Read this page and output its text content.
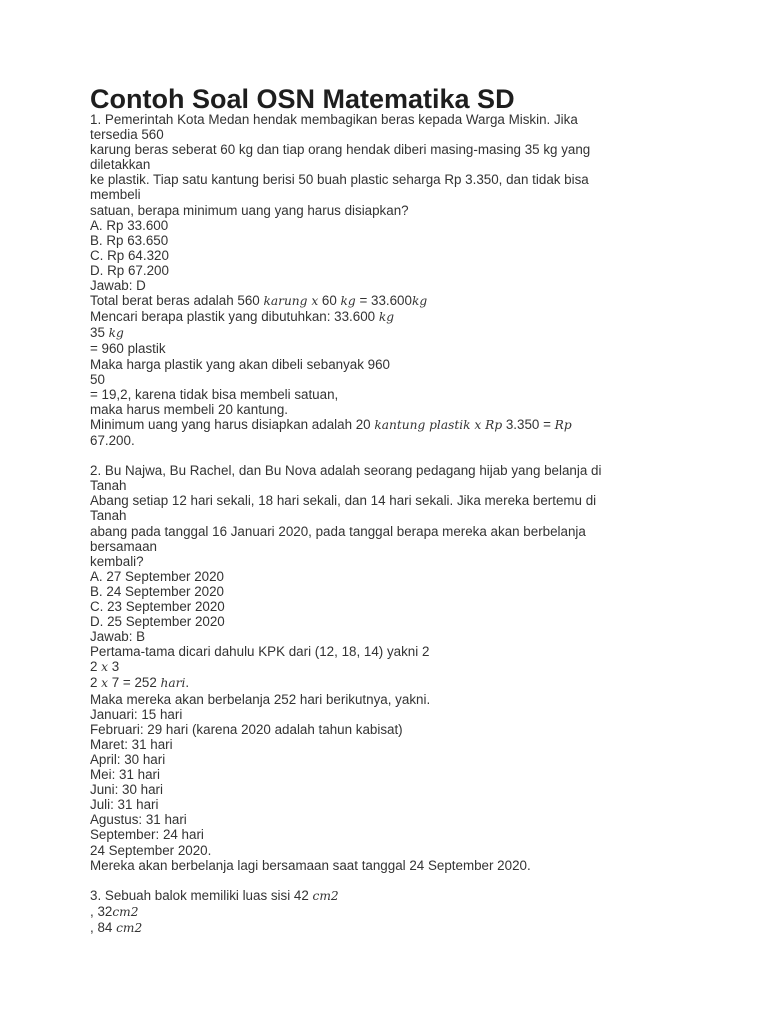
Contoh Soal OSN Matematika SD
1. Pemerintah Kota Medan hendak membagikan beras kepada Warga Miskin. Jika
tersedia 560
karung beras seberat 60 kg dan tiap orang hendak diberi masing-masing 35 kg yang
diletakkan
ke plastik. Tiap satu kantung berisi 50 buah plastic seharga Rp 3.350, dan tidak bisa
membeli
satuan, berapa minimum uang yang harus disiapkan?
A. Rp 33.600
B. Rp 63.650
C. Rp 64.320
D. Rp 67.200
Jawab: D
Total berat beras adalah 560 karung x 60 kg = 33.600kg
Mencari berapa plastik yang dibutuhkan: 33.600 kg
35 kg
= 960 plastik
Maka harga plastik yang akan dibeli sebanyak 960
50
= 19,2, karena tidak bisa membeli satuan,
maka harus membeli 20 kantung.
Minimum uang yang harus disiapkan adalah 20 kantung plastik x Rp 3.350 = Rp
67.200.
2. Bu Najwa, Bu Rachel, dan Bu Nova adalah seorang pedagang hijab yang belanja di
Tanah
Abang setiap 12 hari sekali, 18 hari sekali, dan 14 hari sekali. Jika mereka bertemu di
Tanah
abang pada tanggal 16 Januari 2020, pada tanggal berapa mereka akan berbelanja
bersamaan
kembali?
A. 27 September 2020
B. 24 September 2020
C. 23 September 2020
D. 25 September 2020
Jawab: B
Pertama-tama dicari dahulu KPK dari (12, 18, 14) yakni 2
2 x 3
2 x 7 = 252 hari.
Maka mereka akan berbelanja 252 hari berikutnya, yakni.
Januari: 15 hari
Februari: 29 hari (karena 2020 adalah tahun kabisat)
Maret: 31 hari
April: 30 hari
Mei: 31 hari
Juni: 30 hari
Juli: 31 hari
Agustus: 31 hari
September: 24 hari
24 September 2020.
Mereka akan berbelanja lagi bersamaan saat tanggal 24 September 2020.
3. Sebuah balok memiliki luas sisi 42 cm2
, 32cm2
, 84 cm2
